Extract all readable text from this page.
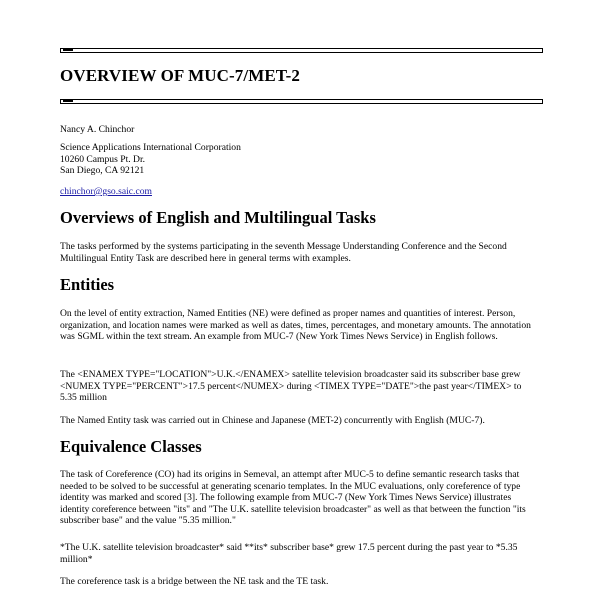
OVERVIEW OF MUC-7/MET-2
Nancy A. Chinchor

Science Applications International Corporation

10260 Campus Pt. Dr.

San Diego, CA 92121

chinchor@gso.saic.com
Overviews of English and Multilingual Tasks
The tasks performed by the systems participating in the seventh Message Understanding Conference and the Second Multilingual Entity Task are described here in general terms with examples.
Entities
On the level of entity extraction, Named Entities (NE) were defined as proper names and quantities of interest. Person, organization, and location names were marked as well as dates, times, percentages, and monetary amounts. The annotation was SGML within the text stream. An example from MUC-7 (New York Times News Service) in English follows.
The <ENAMEX TYPE="LOCATION">U.K.</ENAMEX> satellite television broadcaster said its subscriber base grew <NUMEX TYPE="PERCENT">17.5 percent</NUMEX> during <TIMEX TYPE="DATE">the past year</TIMEX> to 5.35 million
The Named Entity task was carried out in Chinese and Japanese (MET-2) concurrently with English (MUC-7).
Equivalence Classes
The task of Coreference (CO) had its origins in Semeval, an attempt after MUC-5 to define semantic research tasks that needed to be solved to be successful at generating scenario templates. In the MUC evaluations, only coreference of type identity was marked and scored [3]. The following example from MUC-7 (New York Times News Service) illustrates identity coreference between "its" and "The U.K. satellite television broadcaster" as well as that between the function "its subscriber base" and the value "5.35 million."
*The U.K. satellite television broadcaster* said **its* subscriber base* grew 17.5 percent during the past year to *5.35 million*
The coreference task is a bridge between the NE task and the TE task.
